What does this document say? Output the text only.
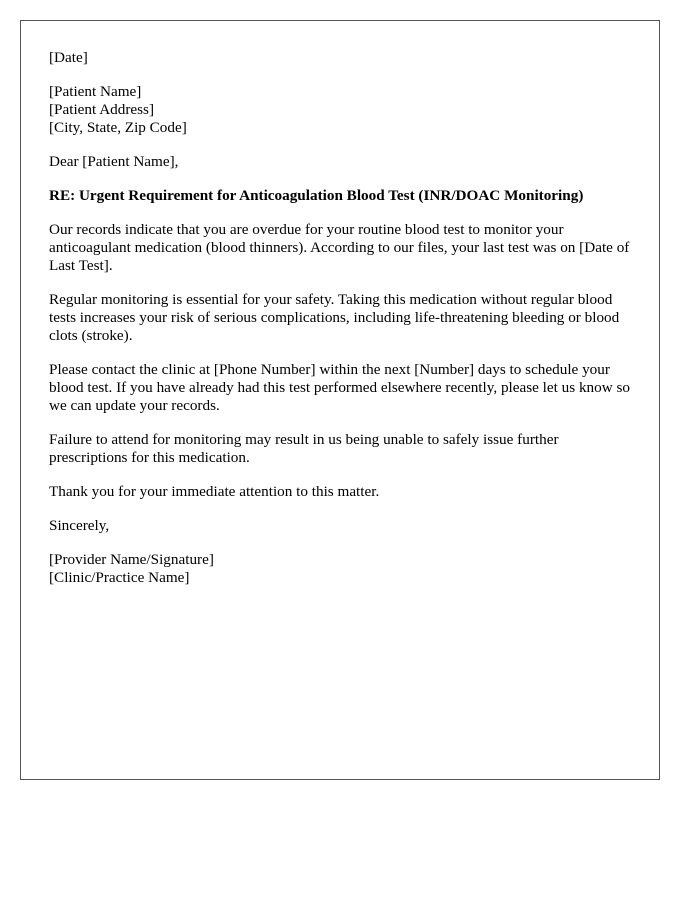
[Date]
[Patient Name]
[Patient Address]
[City, State, Zip Code]
Dear [Patient Name],
RE: Urgent Requirement for Anticoagulation Blood Test (INR/DOAC Monitoring)

Our records indicate that you are overdue for your routine blood test to monitor your anticoagulant medication (blood thinners). According to our files, your last test was on [Date of Last Test].

Regular monitoring is essential for your safety. Taking this medication without regular blood tests increases your risk of serious complications, including life-threatening bleeding or blood clots (stroke).

Please contact the clinic at [Phone Number] within the next [Number] days to schedule your blood test. If you have already had this test performed elsewhere recently, please let us know so we can update your records.

Failure to attend for monitoring may result in us being unable to safely issue further prescriptions for this medication.

Thank you for your immediate attention to this matter.

Sincerely,
[Provider Name/Signature]
[Clinic/Practice Name]
